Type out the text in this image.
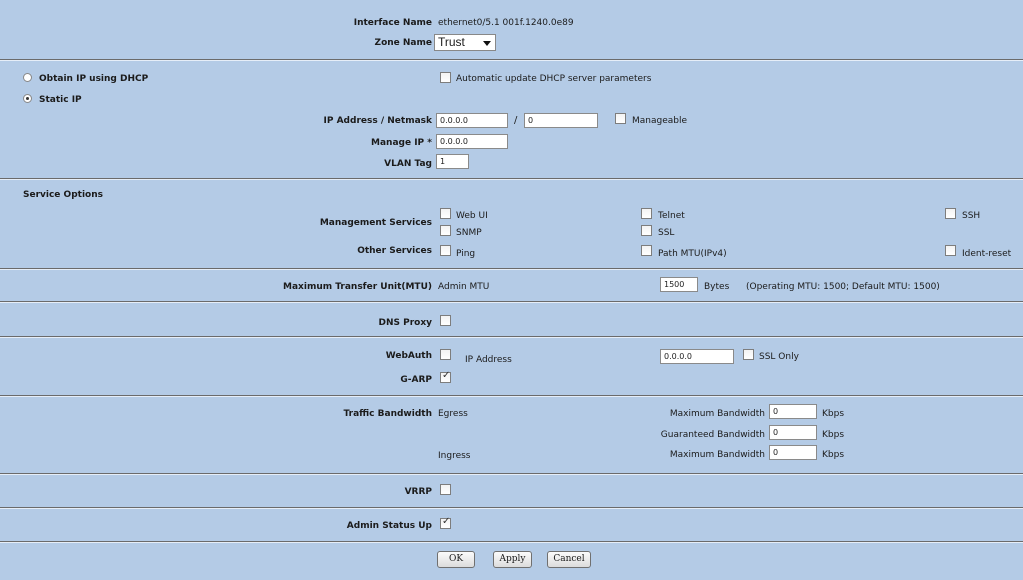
Interface Name ethernet0/5.1 001f.1240.0e89
Zone Name Trust
Obtain IP using DHCP	Automatic update DHCP server parameters
Static IP
IP Address / Netmask	0.0.0.0	/	0	Manageable
Manage IP *	0.0.0.0
VLAN Tag	1
Service Options
Management Services
Web UI	Telnet	SSH
SNMP	SSL
Other Services	Ping	Path MTU(IPv4)	Ident-reset
Maximum Transfer Unit(MTU) Admin MTU	1500	Bytes (Operating MTU: 1500; Default MTU: 1500)
DNS Proxy
WebAuth	IP Address	0.0.0.0	SSL Only
G-ARP
✓
Traffic Bandwidth Egress	Maximum Bandwidth	0	Kbps
Guaranteed Bandwidth	0	Kbps
Ingress	Maximum Bandwidth	0	Kbps
VRRP
Admin Status Up
✓
OK	Apply	Cancel
